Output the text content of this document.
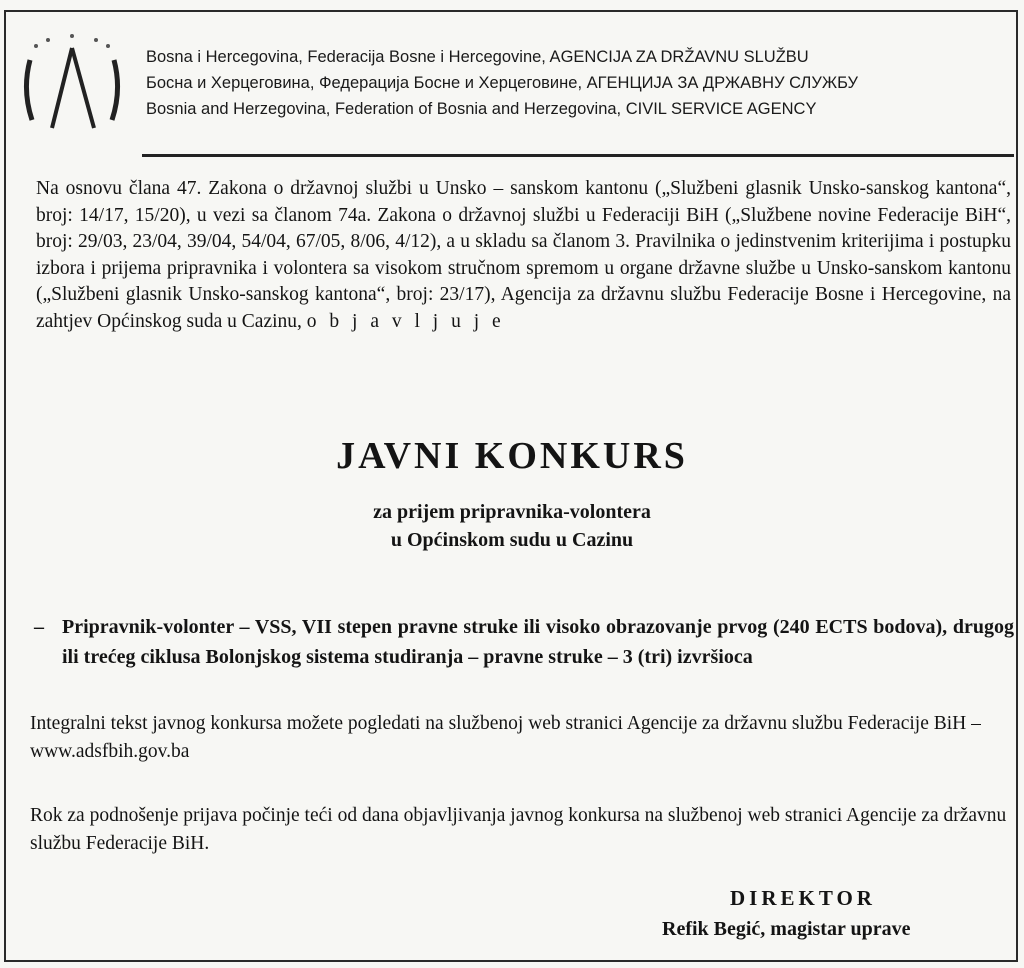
Bosna i Hercegovina, Federacija Bosne i Hercegovine, AGENCIJA ZA DRŽAVNU SLUŽBU
Босна и Херцеговина, Федерација Босне и Херцеговине, АГЕНЦИЈА ЗА ДРЖАВНУ СЛУЖБУ
Bosnia and Herzegovina, Federation of Bosnia and Herzegovina, CIVIL SERVICE AGENCY
Na osnovu člana 47. Zakona o državnoj službi u Unsko – sanskom kantonu („Službeni glasnik Unsko-sanskog kantona“, broj: 14/17, 15/20), u vezi sa članom 74a. Zakona o državnoj službi u Federaciji BiH („Službene novine Federacije BiH“, broj: 29/03, 23/04, 39/04, 54/04, 67/05, 8/06, 4/12), a u skladu sa članom 3. Pravilnika o jedinstvenim kriterijima i postupku izbora i prijema pripravnika i volontera sa visokom stručnom spremom u organe državne službe u Unsko-sanskom kantonu („Službeni glasnik Unsko-sanskog kantona“, broj: 23/17), Agencija za državnu službu Federacije Bosne i Hercegovine, na zahtjev Općinskog suda u Cazinu, o b j a v l j u j e
JAVNI KONKURS
za prijem pripravnika-volontera
u Općinskom sudu u Cazinu
– Pripravnik-volonter – VSS, VII stepen pravne struke ili visoko obrazovanje prvog (240 ECTS bodova), drugog ili trećeg ciklusa Bolonjskog sistema studiranja – pravne struke – 3 (tri) izvršioca
Integralni tekst javnog konkursa možete pogledati na službenoj web stranici Agencije za državnu službu Federacije BiH – www.adsfbih.gov.ba
Rok za podnošenje prijava počinje teći od dana objavljivanja javnog konkursa na službenoj web stranici Agencije za državnu službu Federacije BiH.
DIREKTOR
Refik Begić, magistar uprave
